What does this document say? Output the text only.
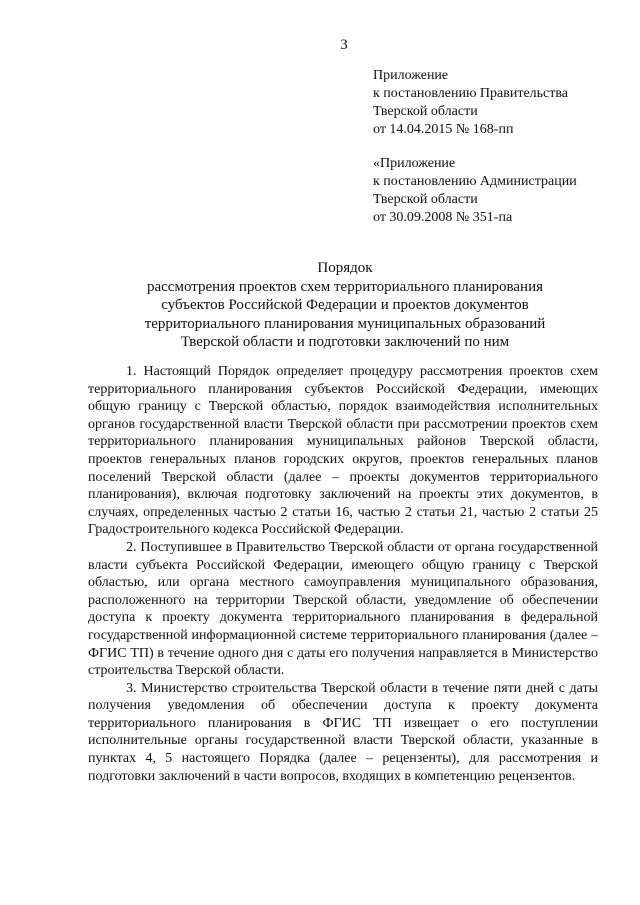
3
Приложение
к постановлению Правительства
Тверской области
от 14.04.2015 № 168-пп
«Приложение
к постановлению Администрации
Тверской области
от 30.09.2008 № 351-па
Порядок
рассмотрения проектов схем территориального планирования
субъектов Российской Федерации и проектов документов
территориального планирования муниципальных образований
Тверской области и подготовки заключений по ним

1. Настоящий Порядок определяет процедуру рассмотрения проектов схем территориального планирования субъектов Российской Федерации, имеющих общую границу с Тверской областью, порядок взаимодействия исполнительных органов государственной власти Тверской области при рассмотрении проектов схем территориального планирования муниципальных районов Тверской области, проектов генеральных планов городских округов, проектов генеральных планов поселений Тверской области (далее – проекты документов территориального планирования), включая подготовку заключений на проекты этих документов, в случаях, определенных частью 2 статьи 16, частью 2 статьи 21, частью 2 статьи 25 Градостроительного кодекса Российской Федерации.

2. Поступившее в Правительство Тверской области от органа государственной власти субъекта Российской Федерации, имеющего общую границу с Тверской областью, или органа местного самоуправления муниципального образования, расположенного на территории Тверской области, уведомление об обеспечении доступа к проекту документа территориального планирования в федеральной государственной информационной системе территориального планирования (далее – ФГИС ТП) в течение одного дня с даты его получения направляется в Министерство строительства Тверской области.

3. Министерство строительства Тверской области в течение пяти дней с даты получения уведомления об обеспечении доступа к проекту документа территориального планирования в ФГИС ТП извещает о его поступлении исполнительные органы государственной власти Тверской области, указанные в пунктах 4, 5 настоящего Порядка (далее – рецензенты), для рассмотрения и подготовки заключений в части вопросов, входящих в компетенцию рецензентов.
